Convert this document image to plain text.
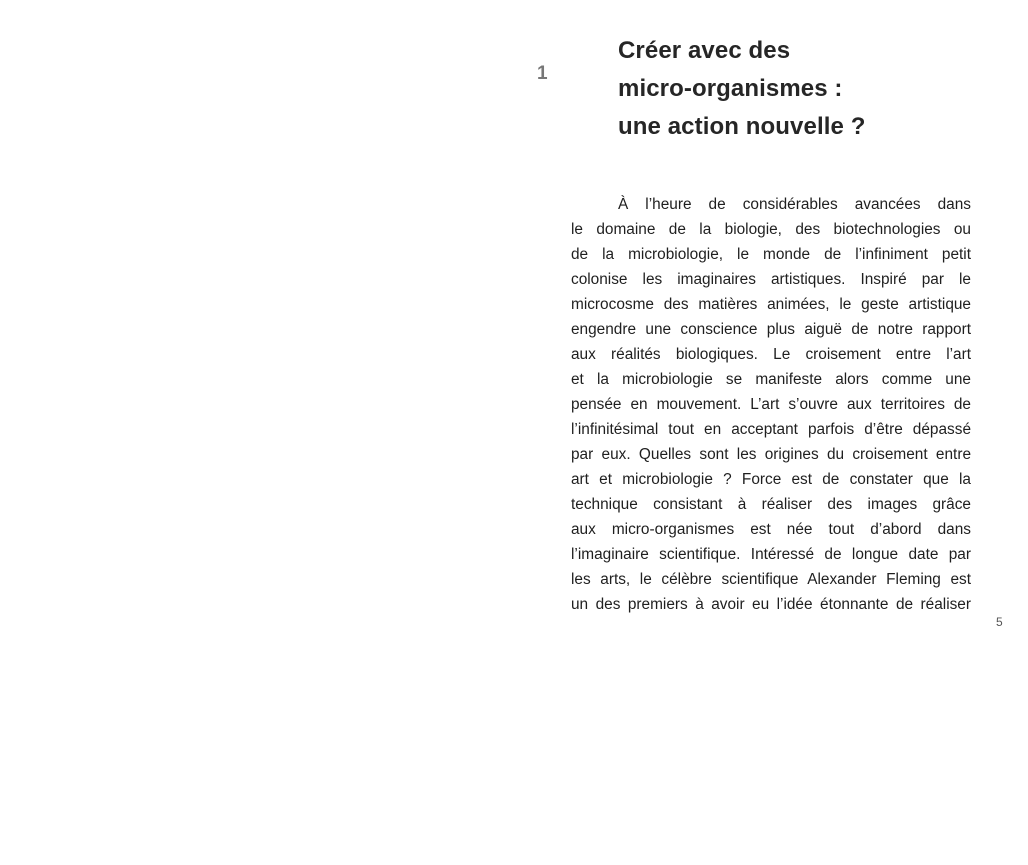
1
Créer avec des
micro-organismes :
une action nouvelle ?
À l’heure de considérables avancées dans
le domaine de la biologie, des biotechnologies ou
de la microbiologie, le monde de l’infiniment petit
colonise les imaginaires artistiques. Inspiré par le
microcosme des matières animées, le geste artistique
engendre une conscience plus aiguë de notre rapport
aux réalités biologiques. Le croisement entre l’art
et la microbiologie se manifeste alors comme une
pensée en mouvement. L’art s’ouvre aux territoires de
l’infinitésimal tout en acceptant parfois d’être dépassé
par eux. Quelles sont les origines du croisement entre
art et microbiologie ? Force est de constater que la
technique consistant à réaliser des images grâce
aux micro-organismes est née tout d’abord dans
l’imaginaire scientifique. Intéressé de longue date par
les arts, le célèbre scientifique Alexander Fleming est
un des premiers à avoir eu l’idée étonnante de réaliser
5
